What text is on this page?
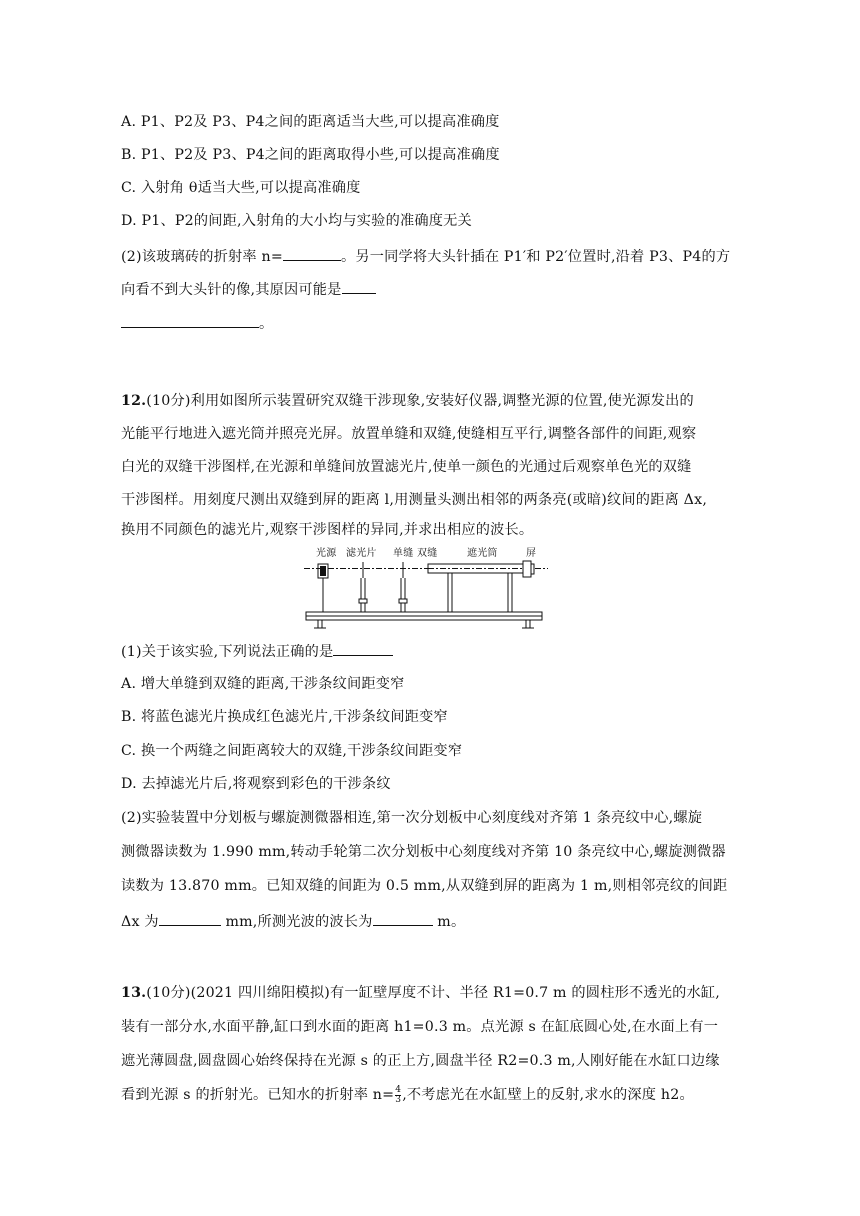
A. P1、P2及 P3、P4之间的距离适当大些,可以提高准确度
B. P1、P2及 P3、P4之间的距离取得小些,可以提高准确度
C. 入射角 θ适当大些,可以提高准确度
D. P1、P2的间距,入射角的大小均与实验的准确度无关
(2)该玻璃砖的折射率 n=	。另一同学将大头针插在 P1′和 P2′位置时,沿着 P3、P4的方
向看不到大头针的像,其原因可能是
。
12.(10分)利用如图所示装置研究双缝干涉现象,安装好仪器,调整光源的位置,使光源发出的
光能平行地进入遮光筒并照亮光屏。放置单缝和双缝,使缝相互平行,调整各部件的间距,观察
白光的双缝干涉图样,在光源和单缝间放置滤光片,使单一颜色的光通过后观察单色光的双缝
干涉图样。用刻度尺测出双缝到屏的距离 l,用测量头测出相邻的两条亮(或暗)纹间的距离 Δx,
换用不同颜色的滤光片,观察干涉图样的异同,并求出相应的波长。
光源 滤光片 单缝 双缝	遮光筒	屏
(1)关于该实验,下列说法正确的是
A. 增大单缝到双缝的距离,干涉条纹间距变窄
B. 将蓝色滤光片换成红色滤光片,干涉条纹间距变窄
C. 换一个两缝之间距离较大的双缝,干涉条纹间距变窄
D. 去掉滤光片后,将观察到彩色的干涉条纹
(2)实验装置中分划板与螺旋测微器相连,第一次分划板中心刻度线对齐第 1 条亮纹中心,螺旋
测微器读数为 1.990 mm,转动手轮第二次分划板中心刻度线对齐第 10 条亮纹中心,螺旋测微器
读数为 13.870 mm。已知双缝的间距为 0.5 mm,从双缝到屏的距离为 1 m,则相邻亮纹的间距
Δx 为	mm,所测光波的波长为	m。
13.(10分)(2021 四川绵阳模拟)有一缸壁厚度不计、半径 R1=0.7 m 的圆柱形不透光的水缸,
装有一部分水,水面平静,缸口到水面的距离 h1=0.3 m。点光源 s 在缸底圆心处,在水面上有一
遮光薄圆盘,圆盘圆心始终保持在光源 s 的正上方,圆盘半径 R2=0.3 m,人刚好能在水缸口边缘
看到光源 s 的折射光。已知水的折射率 $n=\frac{4}{3}$ ,不考虑光在水缸壁上的反射,求水的深度 h2。
